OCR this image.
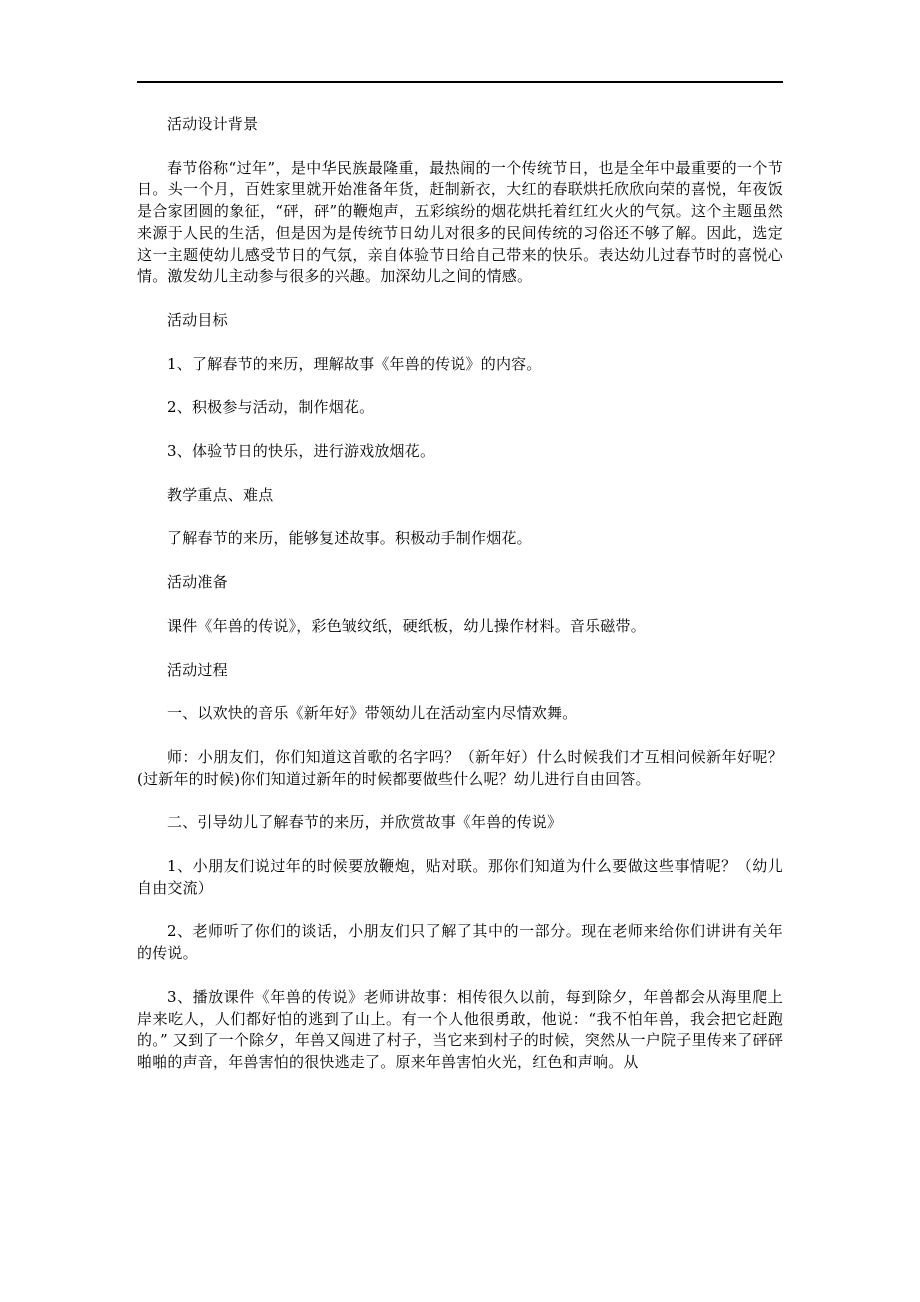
活动设计背景

春节俗称“过年”，是中华民族最隆重，最热闹的一个传统节日，也是全年中最重要的一个节日。头一个月，百姓家里就开始准备年货，赶制新衣，大红的春联烘托欣欣向荣的喜悦，年夜饭是合家团圆的象征，“砰，砰”的鞭炮声，五彩缤纷的烟花烘托着红红火火的气氛。这个主题虽然来源于人民的生活，但是因为是传统节日幼儿对很多的民间传统的习俗还不够了解。因此，选定这一主题使幼儿感受节日的气氛，亲自体验节日给自己带来的快乐。表达幼儿过春节时的喜悦心情。激发幼儿主动参与很多的兴趣。加深幼儿之间的情感。

活动目标

1、了解春节的来历，理解故事《年兽的传说》的内容。

2、积极参与活动，制作烟花。

3、体验节日的快乐，进行游戏放烟花。

教学重点、难点

了解春节的来历，能够复述故事。积极动手制作烟花。

活动准备

课件《年兽的传说》，彩色皱纹纸，硬纸板，幼儿操作材料。音乐磁带。

活动过程

一、以欢快的音乐《新年好》带领幼儿在活动室内尽情欢舞。

师：小朋友们，你们知道这首歌的名字吗？（新年好）什么时候我们才互相问候新年好呢？(过新年的时候)你们知道过新年的时候都要做些什么呢？幼儿进行自由回答。

二、引导幼儿了解春节的来历，并欣赏故事《年兽的传说》

1、小朋友们说过年的时候要放鞭炮，贴对联。那你们知道为什么要做这些事情呢？（幼儿自由交流）

2、老师听了你们的谈话，小朋友们只了解了其中的一部分。现在老师来给你们讲讲有关年的传说。

3、播放课件《年兽的传说》老师讲故事：相传很久以前，每到除夕，年兽都会从海里爬上岸来吃人，人们都好怕的逃到了山上。有一个人他很勇敢，他说：“我不怕年兽，我会把它赶跑的。” 又到了一个除夕，年兽又闯进了村子，当它来到村子的时候，突然从一户院子里传来了砰砰啪啪的声音，年兽害怕的很快逃走了。原来年兽害怕火光，红色和声响。从
